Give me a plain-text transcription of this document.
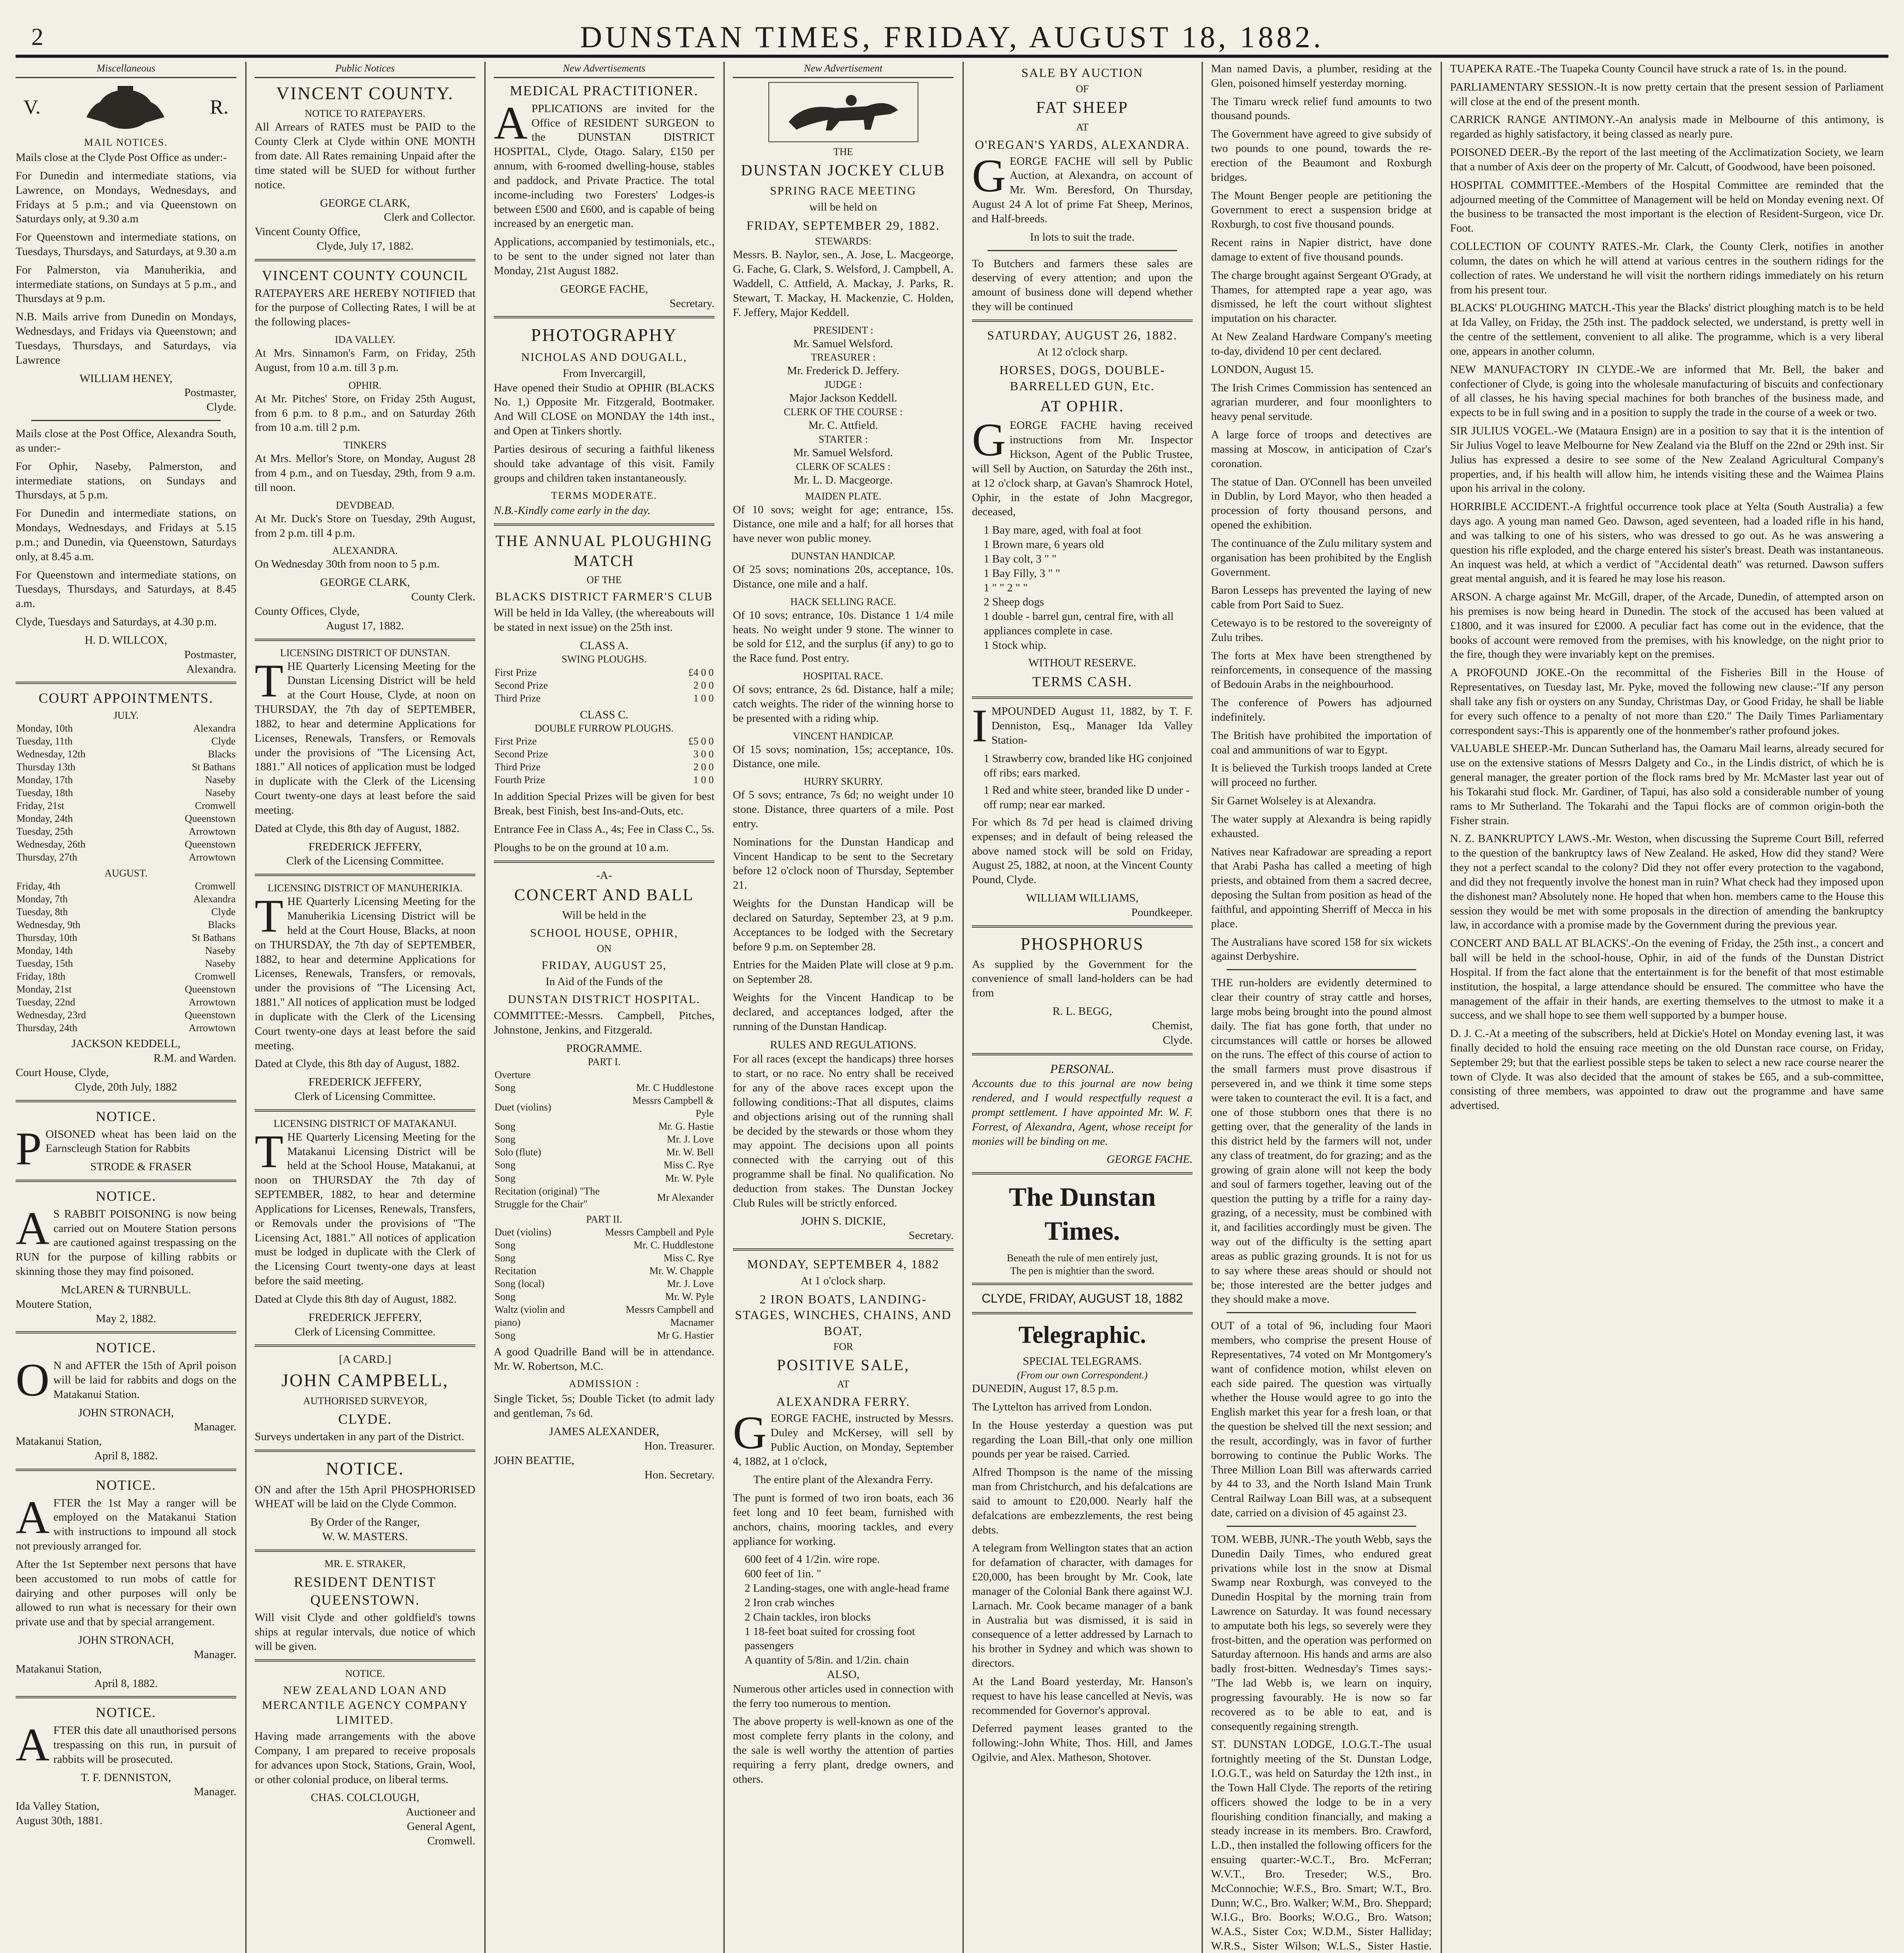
2	DUNSTAN TIMES, FRIDAY, AUGUST 18, 1882.
Miscellaneous
V.	R.
MAIL NOTICES.

Mails close at the Clyde Post Office as under:-

For Dunedin and intermediate stations, via Lawrence, on Mondays, Wednesdays, and Fridays at 5 p.m.; and via Queenstown on Saturdays only, at 9.30 a.m

For Queenstown and intermediate stations, on Tuesdays, Thursdays, and Saturdays, at 9.30 a.m

For Palmerston, via Manuherikia, and intermediate stations, on Sundays at 5 p.m., and Thursdays at 9 p.m.

N.B. Mails arrive from Dunedin on Mondays, Wednesdays, and Fridays via Queenstown; and Tuesdays, Thursdays, and Saturdays, via Lawrence

WILLIAM HENEY,
Postmaster,
Clyde.

Mails close at the Post Office, Alexandra South, as under:-

For Ophir, Naseby, Palmerston, and intermediate stations, on Sundays and Thursdays, at 5 p.m.

For Dunedin and intermediate stations, on Mondays, Wednesdays, and Fridays at 5.15 p.m.; and Dunedin, via Queenstown, Saturdays only, at 8.45 a.m.

For Queenstown and intermediate stations, on Tuesdays, Thursdays, and Saturdays, at 8.45 a.m.

Clyde, Tuesdays and Saturdays, at 4.30 p.m.

H. D. WILLCOX,
Postmaster,
Alexandra.
COURT APPOINTMENTS.
JULY.
Monday, 10th	Alexandra
Tuesday, 11th	Clyde
Wednesday, 12th	Blacks
Thursday 13th	St Bathans
Monday, 17th	Naseby
Tuesday, 18th	Naseby
Friday, 21st	Cromwell
Monday, 24th	Queenstown
Tuesday, 25th	Arrowtown
Wednesday, 26th	Queenstown
Thursday, 27th	Arrowtown
AUGUST.
Friday, 4th	Cromwell
Monday, 7th	Alexandra
Tuesday, 8th	Clyde
Wednesday, 9th	Blacks
Thursday, 10th	St Bathans
Monday, 14th	Naseby
Tuesday, 15th	Naseby
Friday, 18th	Cromwell
Monday, 21st	Queenstown
Tuesday, 22nd	Arrowtown
Wednesday, 23rd	Queenstown
Thursday, 24th	Arrowtown
JACKSON KEDDELL,
R.M. and Warden.
Court House, Clyde,
Clyde, 20th July, 1882
NOTICE.

POISONED wheat has been laid on the Earnscleugh Station for Rabbits

STRODE & FRASER
NOTICE.

AS RABBIT POISONING is now being carried out on Moutere Station persons are cautioned against trespassing on the RUN for the purpose of killing rabbits or skinning those they may find poisoned.

McLAREN & TURNBULL.
Moutere Station,
May 2, 1882.
NOTICE.

ON and AFTER the 15th of April poison will be laid for rabbits and dogs on the Matakanui Station.

JOHN STRONACH,
Manager.
Matakanui Station,
April 8, 1882.
NOTICE.

AFTER the 1st May a ranger will be employed on the Matakanui Station with instructions to impound all stock not previously arranged for.

After the 1st September next persons that have been accustomed to run mobs of cattle for dairying and other purposes will only be allowed to run what is necessary for their own private use and that by special arrangement.

JOHN STRONACH,
Manager.
Matakanui Station,
April 8, 1882.
NOTICE.

AFTER this date all unauthorised persons trespassing on this run, in pursuit of rabbits will be prosecuted.

T. F. DENNISTON,
Manager.
Ida Valley Station,
August 30th, 1881.
Public Notices
VINCENT COUNTY.
NOTICE TO RATEPAYERS.

All Arrears of RATES must be PAID to the County Clerk at Clyde within ONE MONTH from date. All Rates remaining Unpaid after the time stated will be SUED for without further notice.

GEORGE CLARK,
Clerk and Collector.
Vincent County Office,
Clyde, July 17, 1882.
VINCENT COUNTY COUNCIL

RATEPAYERS ARE HEREBY NOTIFIED that for the purpose of Collecting Rates, I will be at the following places-

IDA VALLEY.

At Mrs. Sinnamon's Farm, on Friday, 25th August, from 10 a.m. till 3 p.m.

OPHIR.

At Mr. Pitches' Store, on Friday 25th August, from 6 p.m. to 8 p.m., and on Saturday 26th from 10 a.m. till 2 p.m.

TINKERS

At Mrs. Mellor's Store, on Monday, August 28 from 4 p.m., and on Tuesday, 29th, from 9 a.m. till noon.

DEVDBEAD.

At Mr. Duck's Store on Tuesday, 29th August, from 2 p.m. till 4 p.m.

ALEXANDRA.

On Wednesday 30th from noon to 5 p.m.

GEORGE CLARK,
County Clerk.
County Offices, Clyde,
August 17, 1882.
LICENSING DISTRICT OF DUNSTAN.

THE Quarterly Licensing Meeting for the Dunstan Licensing District will be held at the Court House, Clyde, at noon on THURSDAY, the 7th day of SEPTEMBER, 1882, to hear and determine Applications for Licenses, Renewals, Transfers, or Removals under the provisions of "The Licensing Act, 1881." All notices of application must be lodged in duplicate with the Clerk of the Licensing Court twenty-one days at least before the said meeting.

Dated at Clyde, this 8th day of August, 1882.

FREDERICK JEFFERY,
Clerk of the Licensing Committee.
LICENSING DISTRICT OF MANUHERIKIA.

THE Quarterly Licensing Meeting for the Manuherikia Licensing District will be held at the Court House, Blacks, at noon on THURSDAY, the 7th day of SEPTEMBER, 1882, to hear and determine Applications for Licenses, Renewals, Transfers, or removals, under the provisions of "The Licensing Act, 1881." All notices of application must be lodged in duplicate with the Clerk of the Licensing Court twenty-one days at least before the said meeting.

Dated at Clyde, this 8th day of August, 1882.

FREDERICK JEFFERY,
Clerk of Licensing Committee.
LICENSING DISTRICT OF MATAKANUI.

THE Quarterly Licensing Meeting for the Matakanui Licensing District will be held at the School House, Matakanui, at noon on THURSDAY the 7th day of SEPTEMBER, 1882, to hear and determine Applications for Licenses, Renewals, Transfers, or Removals under the provisions of "The Licensing Act, 1881." All notices of application must be lodged in duplicate with the Clerk of the Licensing Court twenty-one days at least before the said meeting.

Dated at Clyde this 8th day of August, 1882.

FREDERICK JEFFERY,
Clerk of Licensing Committee.
[A CARD.]
JOHN CAMPBELL,
AUTHORISED SURVEYOR,
CLYDE.

Surveys undertaken in any part of the District.

NOTICE.

ON and after the 15th April PHOSPHORISED WHEAT will be laid on the Clyde Common.

By Order of the Ranger,
W. W. MASTERS.
MR. E. STRAKER,
RESIDENT DENTIST QUEENSTOWN.

Will visit Clyde and other goldfield's towns ships at regular intervals, due notice of which will be given.

NOTICE.
NEW ZEALAND LOAN AND MERCANTILE AGENCY COMPANY LIMITED.

Having made arrangements with the above Company, I am prepared to receive proposals for advances upon Stock, Stations, Grain, Wool, or other colonial produce, on liberal terms.

CHAS. COLCLOUGH,
Auctioneer and
General Agent,
Cromwell.
New Advertisements
MEDICAL PRACTITIONER.

APPLICATIONS are invited for the Office of RESIDENT SURGEON to the DUNSTAN DISTRICT HOSPITAL, Clyde, Otago. Salary, £150 per annum, with 6-roomed dwelling-house, stables and paddock, and Private Practice. The total income-including two Foresters' Lodges-is between £500 and £600, and is capable of being increased by an energetic man.

Applications, accompanied by testimonials, etc., to be sent to the under signed not later than Monday, 21st August 1882.

GEORGE FACHE,
Secretary.
PHOTOGRAPHY
NICHOLAS AND DOUGALL,
From Invercargill,

Have opened their Studio at OPHIR (BLACKS No. 1,) Opposite Mr. Fitzgerald, Bootmaker. And Will CLOSE on MONDAY the 14th inst., and Open at Tinkers shortly.

Parties desirous of securing a faithful likeness should take advantage of this visit. Family groups and children taken instantaneously.

TERMS MODERATE.

N.B.-Kindly come early in the day.

THE ANNUAL PLOUGHING MATCH
OF THE
BLACKS DISTRICT FARMER'S CLUB

Will be held in Ida Valley, (the whereabouts will be stated in next issue) on the 25th inst.

CLASS A.
SWING PLOUGHS.
First Prize	£4 0 0
Second Prize	2 0 0
Third Prize	1 0 0
CLASS C.
DOUBLE FURROW PLOUGHS.
First Prize	£5 0 0
Second Prize	3 0 0
Third Prize	2 0 0
Fourth Prize	1 0 0

In addition Special Prizes will be given for best Break, best Finish, best Ins-and-Outs, etc.

Entrance Fee in Class A., 4s; Fee in Class C., 5s.

Ploughs to be on the ground at 10 a.m.

-A-
CONCERT AND BALL
Will be held in the
SCHOOL HOUSE, OPHIR,
ON
FRIDAY, AUGUST 25,
In Aid of the Funds of the
DUNSTAN DISTRICT HOSPITAL.

COMMITTEE:-Messrs. Campbell, Pitches, Johnstone, Jenkins, and Fitzgerald.

PROGRAMME.
PART I.
Overture	
Song	Mr. C Huddlestone
Duet (violins)	Messrs Campbell & Pyle
Song	Mr. G. Hastie
Song	Mr. J. Love
Solo (flute)	Mr. W. Bell
Song	Miss C. Rye
Song	Mr. W. Pyle
Recitation (original) "The Struggle for the Chair"	Mr Alexander
PART II.
Duet (violins)	Messrs Campbell and Pyle
Song	Mr. C. Huddlestone
Song	Miss C. Rye
Recitation	Mr. W. Chapple
Song (local)	Mr. J. Love
Song	Mr. W. Pyle
Waltz (violin and piano)	Messrs Campbell and Macnamer
Song	Mr G. Hastier

A good Quadrille Band will be in attendance. Mr. W. Robertson, M.C.

ADMISSION :

Single Ticket, 5s; Double Ticket (to admit lady and gentleman, 7s 6d.

JAMES ALEXANDER,
Hon. Treasurer.
JOHN BEATTIE,
Hon. Secretary.
New Advertisement
THE
DUNSTAN JOCKEY CLUB
SPRING RACE MEETING
will be held on
FRIDAY, SEPTEMBER 29, 1882.
STEWARDS:

Messrs. B. Naylor, sen., A. Jose, L. Macgeorge, G. Fache, G. Clark, S. Welsford, J. Campbell, A. Waddell, C. Attfield, A. Mackay, J. Parks, R. Stewart, T. Mackay, H. Mackenzie, C. Holden, F. Jeffery, Major Keddell.

PRESIDENT :
Mr. Samuel Welsford.
TREASURER :
Mr. Frederick D. Jeffery.
JUDGE :
Major Jackson Keddell.
CLERK OF THE COURSE :
Mr. C. Attfield.
STARTER :
Mr. Samuel Welsford.
CLERK OF SCALES :
Mr. L. D. Macgeorge.
MAIDEN PLATE.

Of 10 sovs; weight for age; entrance, 15s. Distance, one mile and a half; for all horses that have never won public money.

DUNSTAN HANDICAP.

Of 25 sovs; nominations 20s, acceptance, 10s. Distance, one mile and a half.

HACK SELLING RACE.

Of 10 sovs; entrance, 10s. Distance 1 1/4 mile heats. No weight under 9 stone. The winner to be sold for £12, and the surplus (if any) to go to the Race fund. Post entry.

HOSPITAL RACE.

Of sovs; entrance, 2s 6d. Distance, half a mile; catch weights. The rider of the winning horse to be presented with a riding whip.

VINCENT HANDICAP.

Of 15 sovs; nomination, 15s; acceptance, 10s. Distance, one mile.

HURRY SKURRY.

Of 5 sovs; entrance, 7s 6d; no weight under 10 stone. Distance, three quarters of a mile. Post entry.

Nominations for the Dunstan Handicap and Vincent Handicap to be sent to the Secretary before 12 o'clock noon of Thursday, September 21.

Weights for the Dunstan Handicap will be declared on Saturday, September 23, at 9 p.m. Acceptances to be lodged with the Secretary before 9 p.m. on September 28.

Entries for the Maiden Plate will close at 9 p.m. on September 28.

Weights for the Vincent Handicap to be declared, and acceptances lodged, after the running of the Dunstan Handicap.

RULES AND REGULATIONS.

For all races (except the handicaps) three horses to start, or no race. No entry shall be received for any of the above races except upon the following conditions:-That all disputes, claims and objections arising out of the running shall be decided by the stewards or those whom they may appoint. The decisions upon all points connected with the carrying out of this programme shall be final. No qualification. No deduction from stakes. The Dunstan Jockey Club Rules will be strictly enforced.

JOHN S. DICKIE,
Secretary.
MONDAY, SEPTEMBER 4, 1882
At 1 o'clock sharp.
2 IRON BOATS, LANDING-STAGES, WINCHES, CHAINS, AND BOAT,
FOR
POSITIVE SALE,
AT
ALEXANDRA FERRY.

GEORGE FACHE, instructed by Messrs. Duley and McKersey, will sell by Public Auction, on Monday, September 4, 1882, at 1 o'clock,

The entire plant of the Alexandra Ferry.

The punt is formed of two iron boats, each 36 feet long and 10 feet beam, furnished with anchors, chains, mooring tackles, and every appliance for working.

600 feet of 4 1/2in. wire rope.
600 feet of 1in. "
2 Landing-stages, one with angle-head frame
2 Iron crab winches
2 Chain tackles, iron blocks
1 18-feet boat suited for crossing foot passengers
A quantity of 5/8in. and 1/2in. chain
ALSO,

Numerous other articles used in connection with the ferry too numerous to mention.

The above property is well-known as one of the most complete ferry plants in the colony, and the sale is well worthy the attention of parties requiring a ferry plant, dredge owners, and others.

SALE BY AUCTION
OF
FAT SHEEP
AT
O'REGAN'S YARDS, ALEXANDRA.

GEORGE FACHE will sell by Public Auction, at Alexandra, on account of Mr. Wm. Beresford, On Thursday, August 24 A lot of prime Fat Sheep, Merinos, and Half-breeds.

In lots to suit the trade.

To Butchers and farmers these sales are deserving of every attention; and upon the amount of business done will depend whether they will be continued

SATURDAY, AUGUST 26, 1882.
At 12 o'clock sharp.
HORSES, DOGS, DOUBLE-BARRELLED GUN, Etc.
AT OPHIR.

GEORGE FACHE having received instructions from Mr. Inspector Hickson, Agent of the Public Trustee, will Sell by Auction, on Saturday the 26th inst., at 12 o'clock sharp, at Gavan's Shamrock Hotel, Ophir, in the estate of John Macgregor, deceased,

1 Bay mare, aged, with foal at foot
1 Brown mare, 6 years old
1 Bay colt, 3 " "
1 Bay Filly, 3 " "
1 " " 2 " "
2 Sheep dogs
1 double - barrel gun, central fire, with all appliances complete in case.
1 Stock whip.
WITHOUT RESERVE.
TERMS CASH.

IMPOUNDED August 11, 1882, by T. F. Denniston, Esq., Manager Ida Valley Station-

1 Strawberry cow, branded like HG conjoined off ribs; ears marked.
1 Red and white steer, branded like D under - off rump; near ear marked.

For which 8s 7d per head is claimed driving expenses; and in default of being released the above named stock will be sold on Friday, August 25, 1882, at noon, at the Vincent County Pound, Clyde.

WILLIAM WILLIAMS,
Poundkeeper.
PHOSPHORUS

As supplied by the Government for the convenience of small land-holders can be had from

R. L. BEGG,
Chemist,
Clyde.
PERSONAL.

Accounts due to this journal are now being rendered, and I would respectfully request a prompt settlement. I have appointed Mr. W. F. Forrest, of Alexandra, Agent, whose receipt for monies will be binding on me.

GEORGE FACHE.
The Dunstan Times.
Beneath the rule of men entirely just,
The pen is mightier than the sword.
CLYDE, FRIDAY, AUGUST 18, 1882
Telegraphic.
SPECIAL TELEGRAMS.
(From our own Correspondent.)

DUNEDIN, August 17, 8.5 p.m.

The Lyttelton has arrived from London.

In the House yesterday a question was put regarding the Loan Bill,-that only one million pounds per year be raised. Carried.

Alfred Thompson is the name of the missing man from Christchurch, and his defalcations are said to amount to £20,000. Nearly half the defalcations are embezzlements, the rest being debts.

A telegram from Wellington states that an action for defamation of character, with damages for £20,000, has been brought by Mr. Cook, late manager of the Colonial Bank there against W.J. Larnach. Mr. Cook became manager of a bank in Australia but was dismissed, it is said in consequence of a letter addressed by Larnach to his brother in Sydney and which was shown to directors.

At the Land Board yesterday, Mr. Hanson's request to have his lease cancelled at Nevis, was recommended for Governor's approval.

Deferred payment leases granted to the following:-John White, Thos. Hill, and James Ogilvie, and Alex. Matheson, Shotover.

Man named Davis, a plumber, residing at the Glen, poisoned himself yesterday morning.

The Timaru wreck relief fund amounts to two thousand pounds.

The Government have agreed to give subsidy of two pounds to one pound, towards the re-erection of the Beaumont and Roxburgh bridges.

The Mount Benger people are petitioning the Government to erect a suspension bridge at Roxburgh, to cost five thousand pounds.

Recent rains in Napier district, have done damage to extent of five thousand pounds.

The charge brought against Sergeant O'Grady, at Thames, for attempted rape a year ago, was dismissed, he left the court without slightest imputation on his character.

At New Zealand Hardware Company's meeting to-day, dividend 10 per cent declared.

LONDON, August 15.

The Irish Crimes Commission has sentenced an agrarian murderer, and four moonlighters to heavy penal servitude.

A large force of troops and detectives are massing at Moscow, in anticipation of Czar's coronation.

The statue of Dan. O'Connell has been unveiled in Dublin, by Lord Mayor, who then headed a procession of forty thousand persons, and opened the exhibition.

The continuance of the Zulu military system and organisation has been prohibited by the English Government.

Baron Lesseps has prevented the laying of new cable from Port Said to Suez.

Cetewayo is to be restored to the sovereignty of Zulu tribes.

The forts at Mex have been strengthened by reinforcements, in consequence of the massing of Bedouin Arabs in the neighbourhood.

The conference of Powers has adjourned indefinitely.

The British have prohibited the importation of coal and ammunitions of war to Egypt.

It is believed the Turkish troops landed at Crete will proceed no further.

Sir Garnet Wolseley is at Alexandra.

The water supply at Alexandra is being rapidly exhausted.

Natives near Kafradowar are spreading a report that Arabi Pasha has called a meeting of high priests, and obtained from them a sacred decree, deposing the Sultan from position as head of the faithful, and appointing Sherriff of Mecca in his place.

The Australians have scored 158 for six wickets against Derbyshire.

THE run-holders are evidently determined to clear their country of stray cattle and horses, large mobs being brought into the pound almost daily. The fiat has gone forth, that under no circumstances will cattle or horses be allowed on the runs. The effect of this course of action to the small farmers must prove disastrous if persevered in, and we think it time some steps were taken to counteract the evil. It is a fact, and one of those stubborn ones that there is no getting over, that the generality of the lands in this district held by the farmers will not, under any class of treatment, do for grazing; and as the growing of grain alone will not keep the body and soul of farmers together, leaving out of the question the putting by a trifle for a rainy day-grazing, of a necessity, must be combined with it, and facilities accordingly must be given. The way out of the difficulty is the setting apart areas as public grazing grounds. It is not for us to say where these areas should or should not be; those interested are the better judges and they should make a move.

OUT of a total of 96, including four Maori members, who comprise the present House of Representatives, 74 voted on Mr Montgomery's want of confidence motion, whilst eleven on each side paired. The question was virtually whether the House would agree to go into the English market this year for a fresh loan, or that the question be shelved till the next session; and the result, accordingly, was in favor of further borrowing to continue the Public Works. The Three Million Loan Bill was afterwards carried by 44 to 33, and the North Island Main Trunk Central Railway Loan Bill was, at a subsequent date, carried on a division of 45 against 23.

TOM. WEBB, JUNR.-The youth Webb, says the Dunedin Daily Times, who endured great privations while lost in the snow at Dismal Swamp near Roxburgh, was conveyed to the Dunedin Hospital by the morning train from Lawrence on Saturday. It was found necessary to amputate both his legs, so severely were they frost-bitten, and the operation was performed on Saturday afternoon. His hands and arms are also badly frost-bitten. Wednesday's Times says:-"The lad Webb is, we learn on inquiry, progressing favourably. He is now so far recovered as to be able to eat, and is consequently regaining strength.

ST. DUNSTAN LODGE, I.O.G.T.-The usual fortnightly meeting of the St. Dunstan Lodge, I.O.G.T., was held on Saturday the 12th inst., in the Town Hall Clyde. The reports of the retiring officers showed the lodge to be in a very flourishing condition financially, and making a steady increase in its members. Bro. Crawford, L.D., then installed the following officers for the ensuing quarter:-W.C.T., Bro. McFerran; W.V.T., Bro. Treseder; W.S., Bro. McConnochie; W.F.S., Bro. Smart; W.T., Bro. Dunn; W.C., Bro. Walker; W.M., Bro. Sheppard; W.I.G., Bro. Boorks; W.O.G., Bro. Watson; W.A.S., Sister Cox; W.D.M., Sister Halliday; W.R.S., Sister Wilson; W.L.S., Sister Hastie.

TUAPEKA RATE.-The Tuapeka County Council have struck a rate of 1s. in the pound.

PARLIAMENTARY SESSION.-It is now pretty certain that the present session of Parliament will close at the end of the present month.

CARRICK RANGE ANTIMONY.-An analysis made in Melbourne of this antimony, is regarded as highly satisfactory, it being classed as nearly pure.

POISONED DEER.-By the report of the last meeting of the Acclimatization Society, we learn that a number of Axis deer on the property of Mr. Calcutt, of Goodwood, have been poisoned.

HOSPITAL COMMITTEE.-Members of the Hospital Committee are reminded that the adjourned meeting of the Committee of Management will be held on Monday evening next. Of the business to be transacted the most important is the election of Resident-Surgeon, vice Dr. Foot.

COLLECTION OF COUNTY RATES.-Mr. Clark, the County Clerk, notifies in another column, the dates on which he will attend at various centres in the southern ridings for the collection of rates. We understand he will visit the northern ridings immediately on his return from his present tour.

BLACKS' PLOUGHING MATCH.-This year the Blacks' district ploughing match is to be held at Ida Valley, on Friday, the 25th inst. The paddock selected, we understand, is pretty well in the centre of the settlement, convenient to all alike. The programme, which is a very liberal one, appears in another column.

NEW MANUFACTORY IN CLYDE.-We are informed that Mr. Bell, the baker and confectioner of Clyde, is going into the wholesale manufacturing of biscuits and confectionary of all classes, he his having special machines for both branches of the business made, and expects to be in full swing and in a position to supply the trade in the course of a week or two.

SIR JULIUS VOGEL.-We (Mataura Ensign) are in a position to say that it is the intention of Sir Julius Vogel to leave Melbourne for New Zealand via the Bluff on the 22nd or 29th inst. Sir Julius has expressed a desire to see some of the New Zealand Agricultural Company's properties, and, if his health will allow him, he intends visiting these and the Waimea Plains upon his arrival in the colony.

HORRIBLE ACCIDENT.-A frightful occurrence took place at Yelta (South Australia) a few days ago. A young man named Geo. Dawson, aged seventeen, had a loaded rifle in his hand, and was talking to one of his sisters, who was dressed to go out. As he was answering a question his rifle exploded, and the charge entered his sister's breast. Death was instantaneous. An inquest was held, at which a verdict of "Accidental death" was returned. Dawson suffers great mental anguish, and it is feared he may lose his reason.

ARSON. A charge against Mr. McGill, draper, of the Arcade, Dunedin, of attempted arson on his premises is now being heard in Dunedin. The stock of the accused has been valued at £1800, and it was insured for £2000. A peculiar fact has come out in the evidence, that the books of account were removed from the premises, with his knowledge, on the night prior to the fire, though they were invariably kept on the premises.

A PROFOUND JOKE.-On the recommittal of the Fisheries Bill in the House of Representatives, on Tuesday last, Mr. Pyke, moved the following new clause:-"If any person shall take any fish or oysters on any Sunday, Christmas Day, or Good Friday, he shall be liable for every such offence to a penalty of not more than £20." The Daily Times Parliamentary correspondent says:-This is apparently one of the honmember's rather profound jokes.

VALUABLE SHEEP.-Mr. Duncan Sutherland has, the Oamaru Mail learns, already secured for use on the extensive stations of Messrs Dalgety and Co., in the Lindis district, of which he is general manager, the greater portion of the flock rams bred by Mr. McMaster last year out of his Tokarahi stud flock. Mr. Gardiner, of Tapui, has also sold a considerable number of young rams to Mr Sutherland. The Tokarahi and the Tapui flocks are of common origin-both the Fisher strain.

N. Z. BANKRUPTCY LAWS.-Mr. Weston, when discussing the Supreme Court Bill, referred to the question of the bankruptcy laws of New Zealand. He asked, How did they stand? Were they not a perfect scandal to the colony? Did they not offer every protection to the vagabond, and did they not frequently involve the honest man in ruin? What check had they imposed upon the dishonest man? Absolutely none. He hoped that when hon. members came to the House this session they would be met with some proposals in the direction of amending the bankruptcy law, in accordance with a promise made by the Government during the previous year.

CONCERT AND BALL AT BLACKS'.-On the evening of Friday, the 25th inst., a concert and ball will be held in the school-house, Ophir, in aid of the funds of the Dunstan District Hospital. If from the fact alone that the entertainment is for the benefit of that most estimable institution, the hospital, a large attendance should be ensured. The committee who have the management of the affair in their hands, are exerting themselves to the utmost to make it a success, and we shall hope to see them well supported by a bumper house.

D. J. C.-At a meeting of the subscribers, held at Dickie's Hotel on Monday evening last, it was finally decided to hold the ensuing race meeting on the old Dunstan race course, on Friday, September 29; but that the earliest possible steps be taken to select a new race course nearer the town of Clyde. It was also decided that the amount of stakes be £65, and a sub-committee, consisting of three members, was appointed to draw out the programme and have same advertised.
